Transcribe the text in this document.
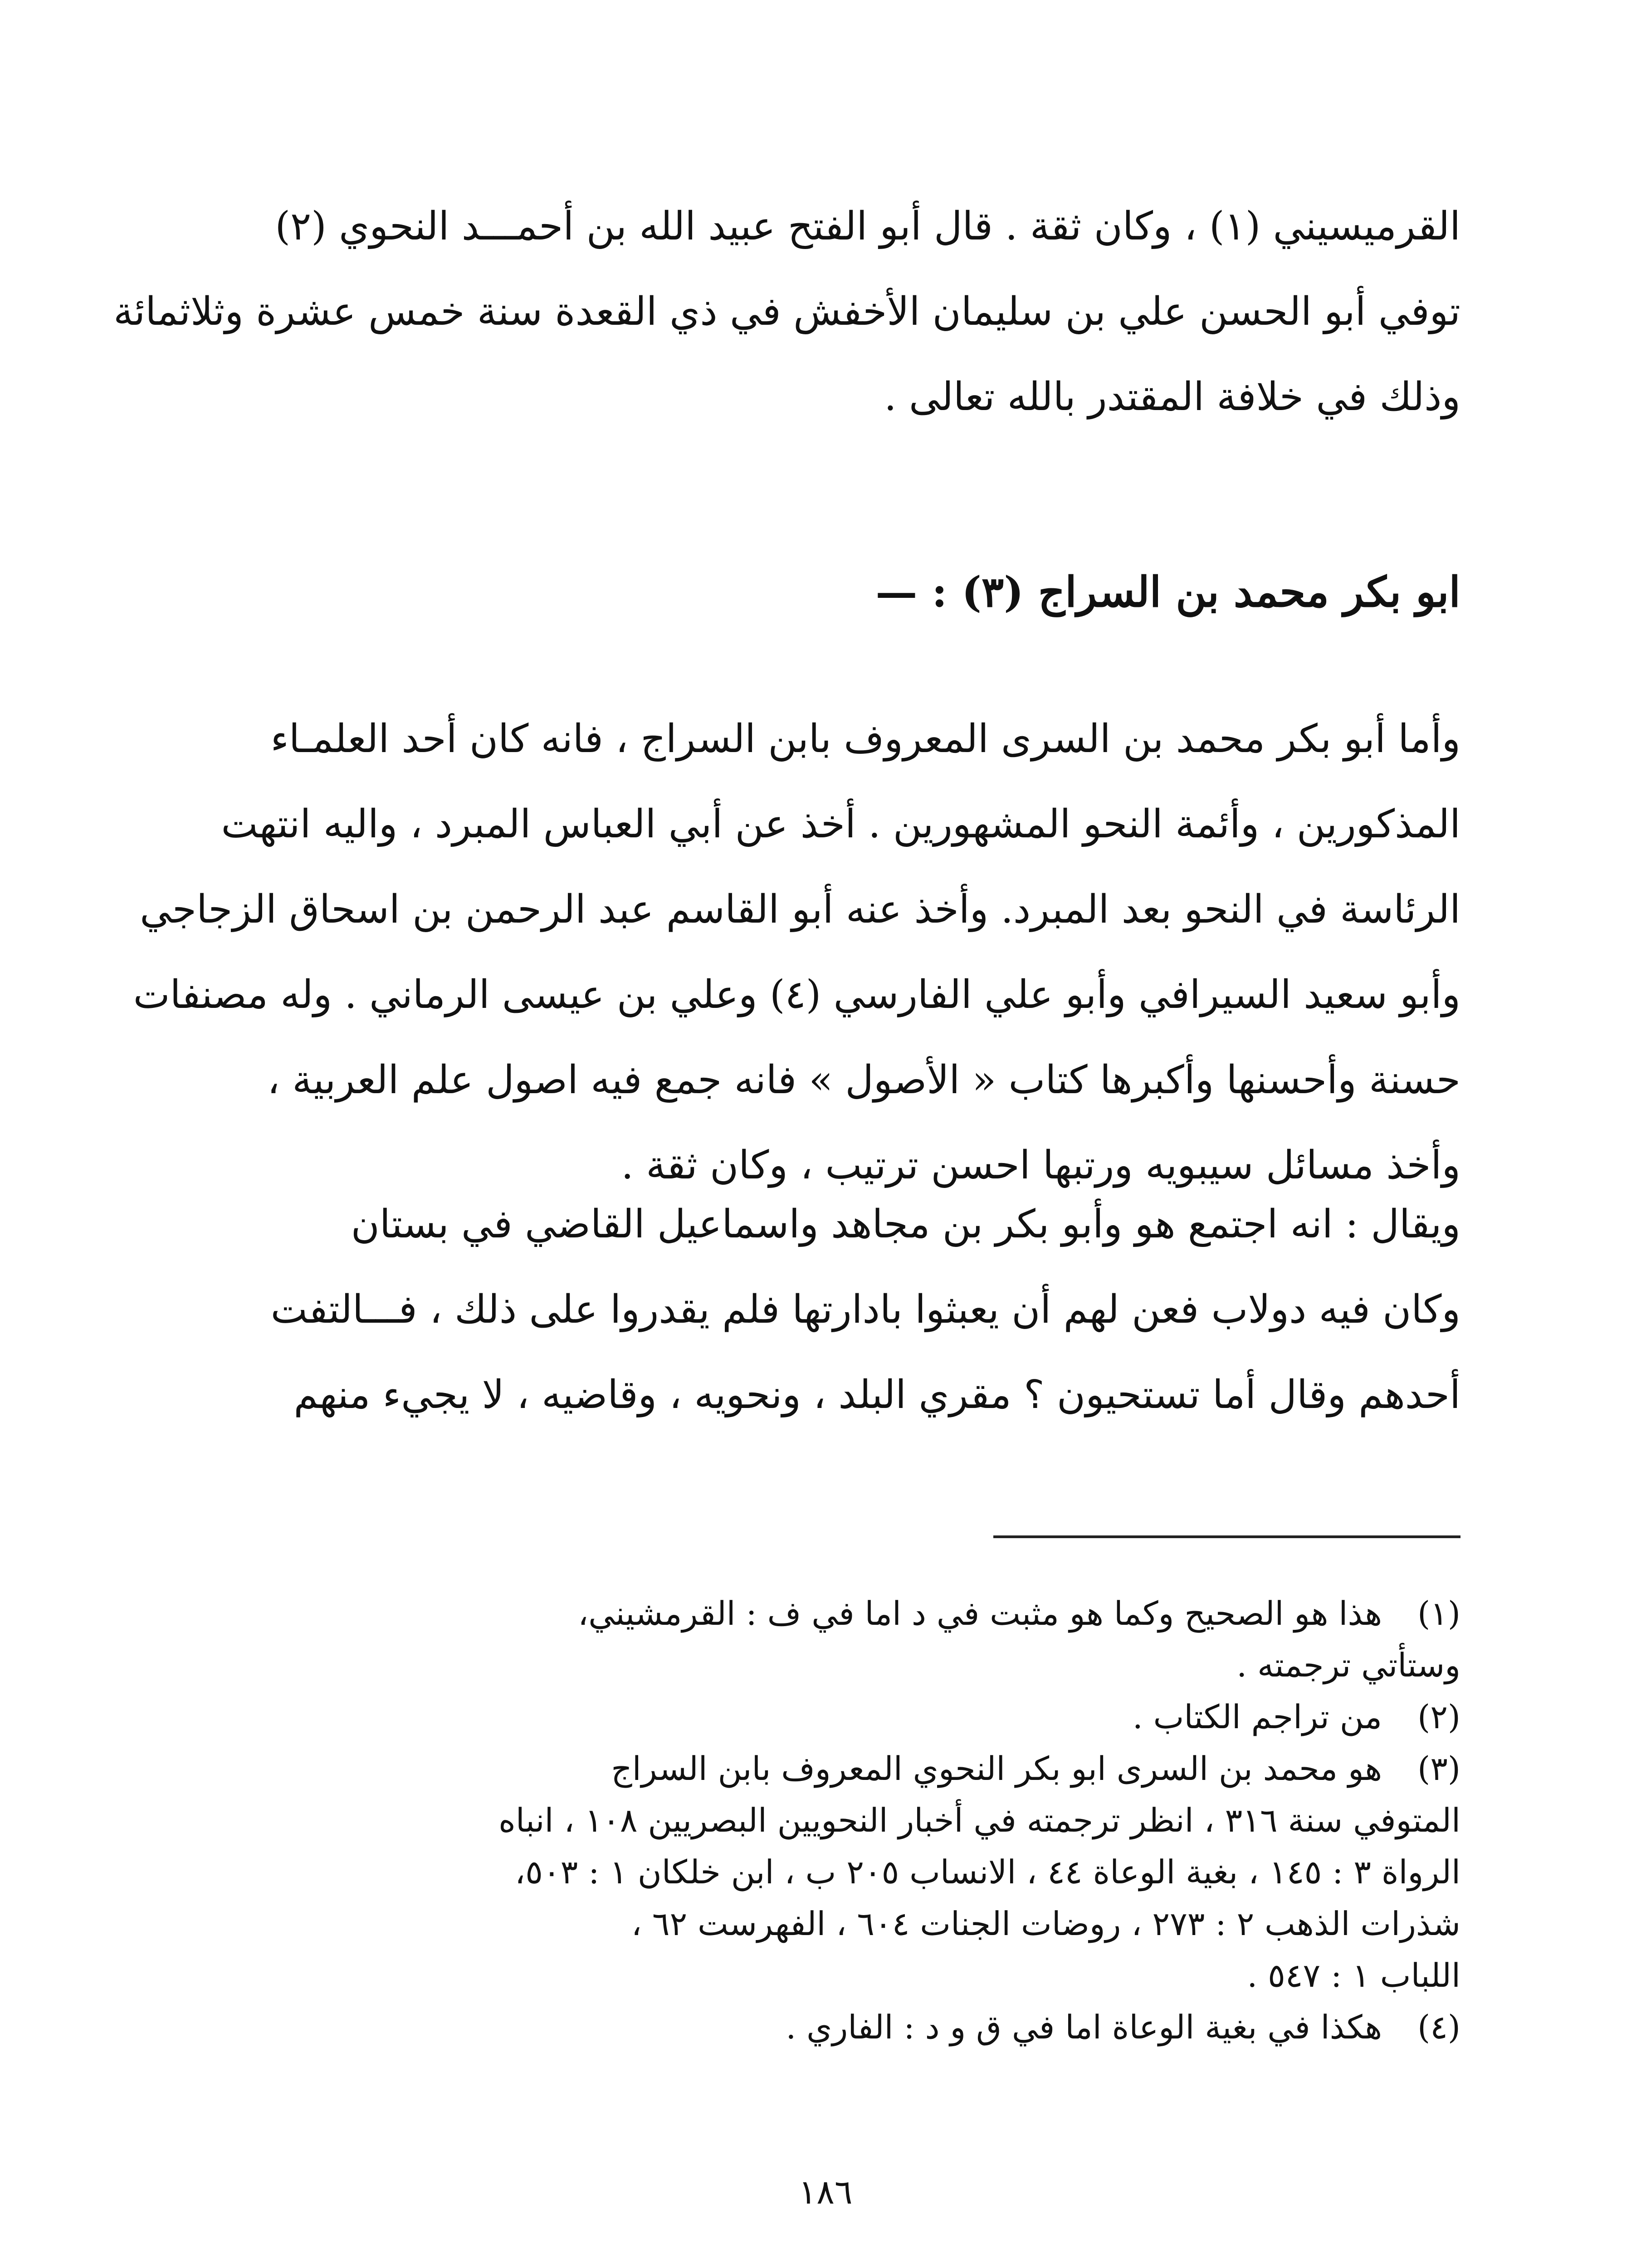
القرميسيني (١) ، وكان ثقة . قال أبو الفتح عبيد الله بن أحمـــد النحوي (٢)

توفي أبو الحسن علي بن سليمان الأخفش في ذي القعدة سنة خمس عشرة وثلاثمائة

وذلك في خلافة المقتدر بالله تعالى .

ابو بكر محمد بن السراج (٣) : —

وأما أبو بكر محمد بن السرى المعروف بابن السراج ، فانه كان أحد العلمـاء

المذكورين ، وأئمة النحو المشهورين . أخذ عن أبي العباس المبرد ، واليه انتهت

الرئاسة في النحو بعد المبرد. وأخذ عنه أبو القاسم عبد الرحمن بن اسحاق الزجاجي

وأبو سعيد السيرافي وأبو علي الفارسي (٤) وعلي بن عيسى الرماني . وله مصنفات

حسنة وأحسنها وأكبرها كتاب « الأصول » فانه جمع فيه اصول علم العربية ،

وأخذ مسائل سيبويه ورتبها احسن ترتيب ، وكان ثقة .

ويقال : انه اجتمع هو وأبو بكر بن مجاهد واسماعيل القاضي في بستان

وكان فيه دولاب فعن لهم أن يعبثوا بادارتها فلم يقدروا على ذلك ، فـــالتفت

أحدهم وقال أما تستحيون ؟ مقري البلد ، ونحويه ، وقاضيه ، لا يجيء منهم

(١) هذا هو الصحيح وكما هو مثبت في د اما في ف : القرمشيني،

وستأتي ترجمته .

(٢) من تراجم الكتاب .

(٣) هو محمد بن السرى ابو بكر النحوي المعروف بابن السراج

المتوفي سنة ٣١٦ ، انظر ترجمته في أخبار النحويين البصريين ١٠٨ ، انباه

الرواة ٣ : ١٤٥ ، بغية الوعاة ٤٤ ، الانساب ٢٠٥ ب ، ابن خلكان ١ : ٥٠٣،

شذرات الذهب ٢ : ٢٧٣ ، روضات الجنات ٦٠٤ ، الفهرست ٦٢ ،

اللباب ١ : ٥٤٧ .

(٤) هكذا في بغية الوعاة اما في ق و د : الفاري .

١٨٦
